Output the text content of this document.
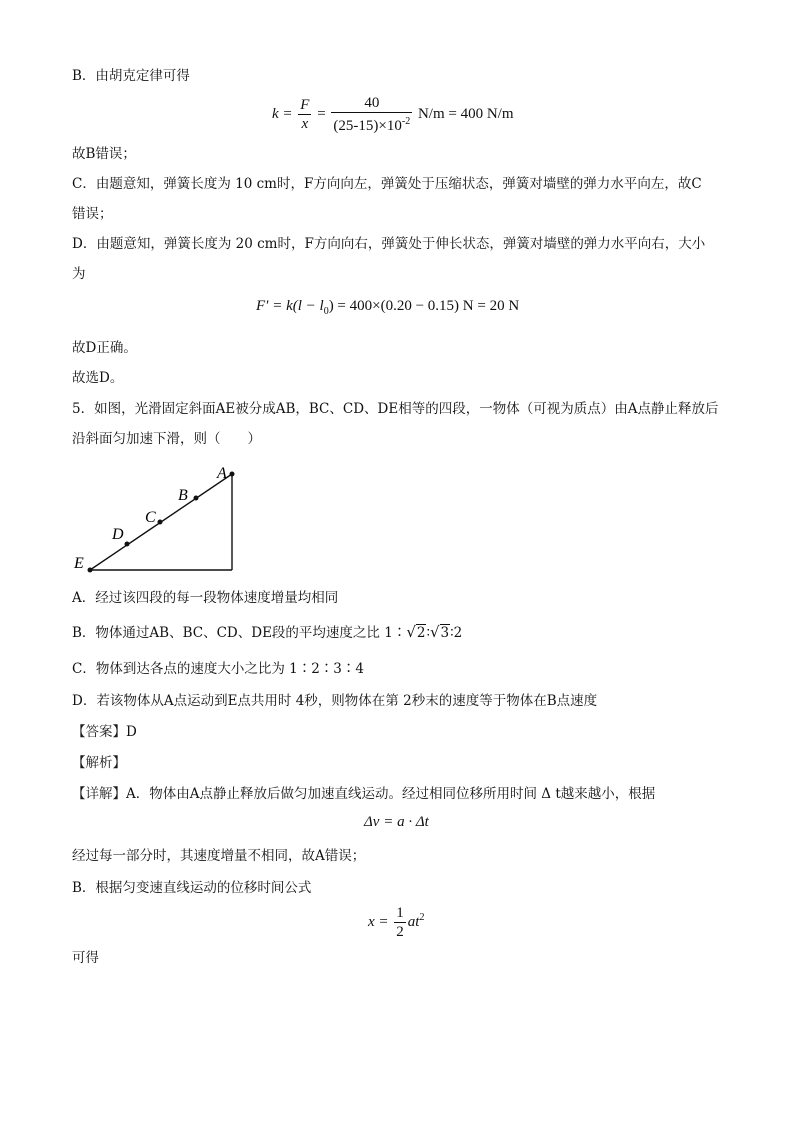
B．由胡克定律可得
$k = \frac{F}{x} = \frac{40}{(25-15)\times 10^{-2}} N/m = 400$ N/m
故B错误；
C．由题意知，弹簧长度为 10 cm时，F方向向左，弹簧处于压缩状态，弹簧对墙壁的弹力水平向左，故C
错误；
D．由题意知，弹簧长度为 20 cm时，F方向向右，弹簧处于伸长状态，弹簧对墙壁的弹力水平向右，大小
为
$F' = k(l - l_0) = 400\times(0.20 - 0.15)$ N = 20 N
故D正确。
故选D。
5．如图，光滑固定斜面AE被分成AB，BC、CD、DE相等的四段，一物体（可视为质点）由A点静止释放后
沿斜面匀加速下滑，则（　　）
A
B
C
D
E
A．经过该四段的每一段物体速度增量均相同
B．物体通过AB、BC、CD、DE段的平均速度之比 1∶√2∶√3∶2
C．物体到达各点的速度大小之比为 1∶2∶3∶4
D．若该物体从A点运动到E点共用时 4秒，则物体在第 2秒末的速度等于物体在B点速度
【答案】D
【解析】
【详解】A．物体由A点静止释放后做匀加速直线运动。经过相同位移所用时间 Δ t越来越小，根据
Δv = a · Δt
经过每一部分时，其速度增量不相同，故A错误；
B．根据匀变速直线运动的位移时间公式
$x = \frac{1}{2} at^2$
可得
